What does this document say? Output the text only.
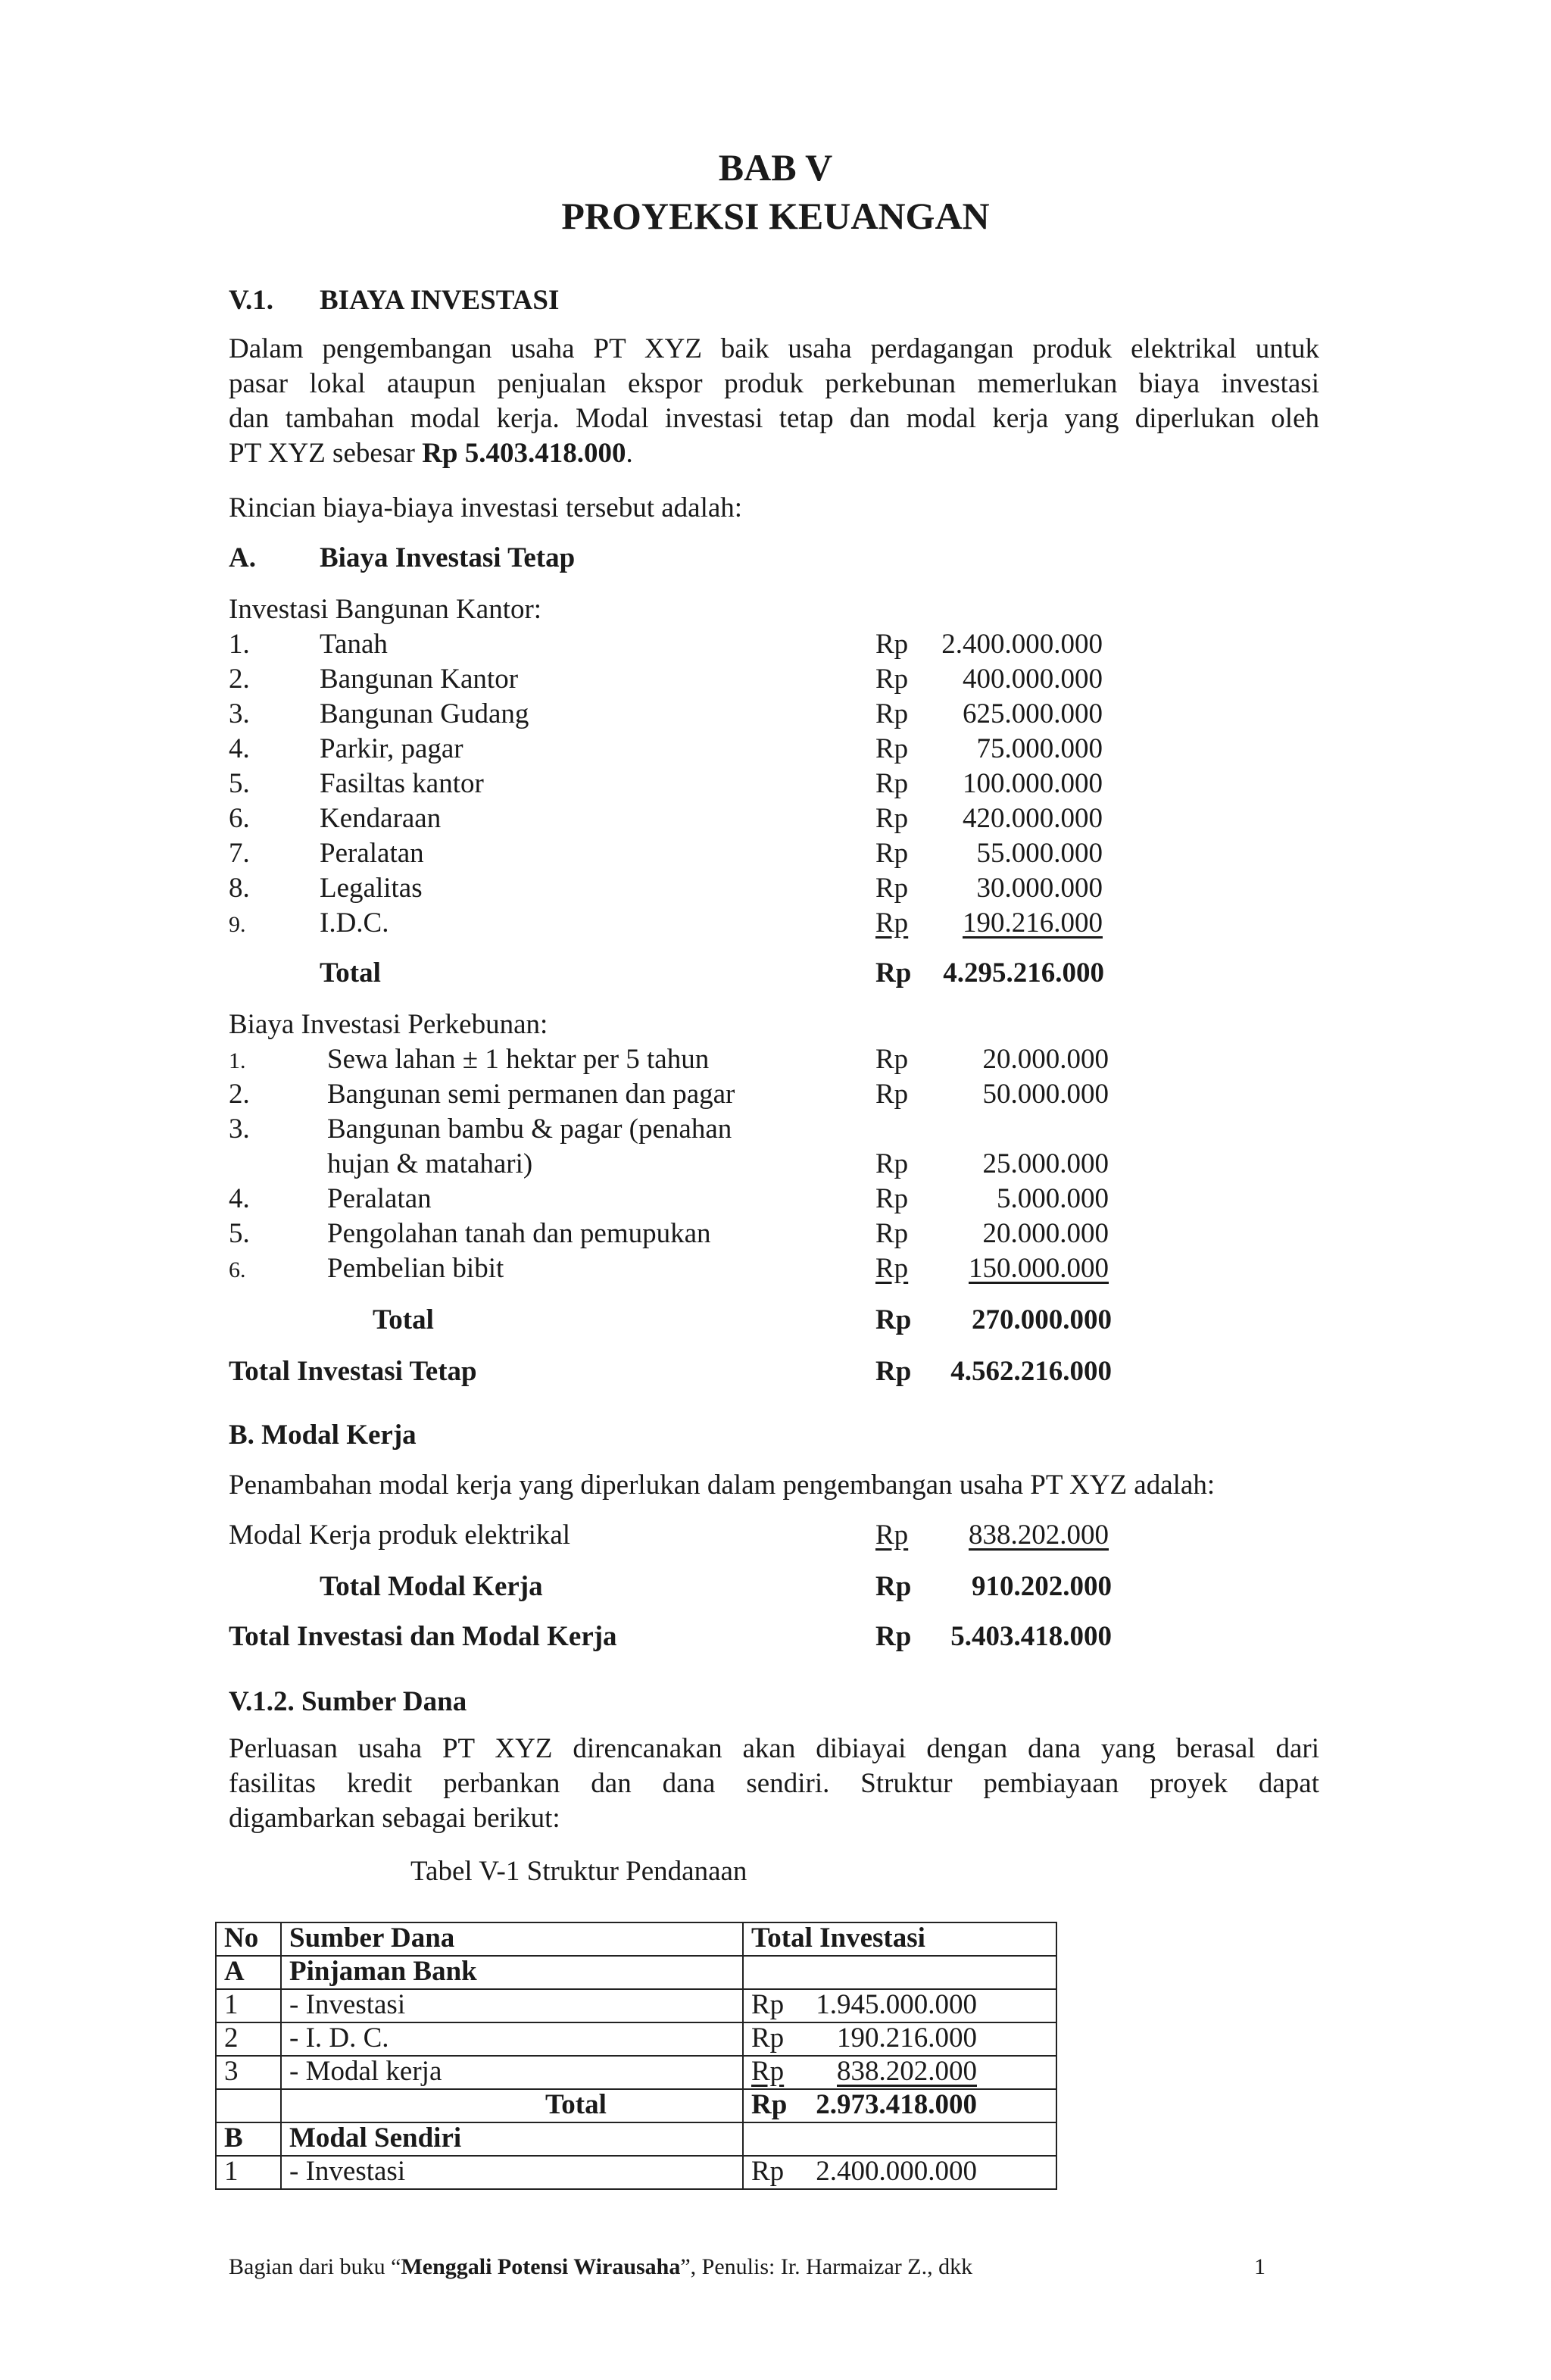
BAB V
PROYEKSI KEUANGAN
V.1. BIAYA INVESTASI
Dalam pengembangan usaha PT XYZ baik usaha perdagangan produk elektrikal untuk
pasar lokal ataupun penjualan ekspor produk perkebunan memerlukan biaya investasi
dan tambahan modal kerja. Modal investasi tetap dan modal kerja yang diperlukan oleh
PT XYZ sebesar Rp 5.403.418.000.
Rincian biaya-biaya investasi tersebut adalah:
A. Biaya Investasi Tetap
Investasi Bangunan Kantor:
1. Tanah	Rp 2.400.000.000
2. Bangunan Kantor	Rp 400.000.000
3. Bangunan Gudang	Rp 625.000.000
4. Parkir, pagar	Rp 75.000.000
5. Fasiltas kantor	Rp 100.000.000
6. Kendaraan	Rp 420.000.000
7. Peralatan	Rp 55.000.000
8. Legalitas	Rp 30.000.000
9.	I.D.C.	Rp	190.216.000
Total	Rp 4.295.216.000
Biaya Investasi Perkebunan:
1.	Sewa lahan ± 1 hektar per 5 tahun	Rp	20.000.000
2.	Bangunan semi permanen dan pagar	Rp	50.000.000
3.	Bangunan bambu & pagar (penahan
hujan & matahari)	Rp	25.000.000
4.	Peralatan	Rp	5.000.000
5.	Pengolahan tanah dan pemupukan	Rp	20.000.000
6.	Pembelian bibit	Rp	150.000.000
Total	Rp 270.000.000
Total Investasi Tetap	Rp 4.562.216.000
B. Modal Kerja
Penambahan modal kerja yang diperlukan dalam pengembangan usaha PT XYZ adalah:
Modal Kerja produk elektrikal	Rp	838.202.000
Total Modal Kerja	Rp 910.202.000
Total Investasi dan Modal Kerja	Rp 5.403.418.000
V.1.2. Sumber Dana
Perluasan usaha PT XYZ direncanakan akan dibiayai dengan dana yang berasal dari
fasilitas kredit perbankan dan dana sendiri. Struktur pembiayaan proyek dapat
digambarkan sebagai berikut:
Tabel V-1 Struktur Pendanaan
No	Sumber Dana	Total Investasi
A	Pinjaman Bank	
1	- Investasi	Rp 1.945.000.000

2	- I. D. C.	Rp 190.216.000

3	- Modal kerja	Rp 838.202.000

	Total	Rp 2.973.418.000

B	Modal Sendiri	
1	- Investasi	Rp 2.400.000.000
Bagian dari buku “Menggali Potensi Wirausaha”, Penulis: Ir. Harmaizar Z., dkk	1
